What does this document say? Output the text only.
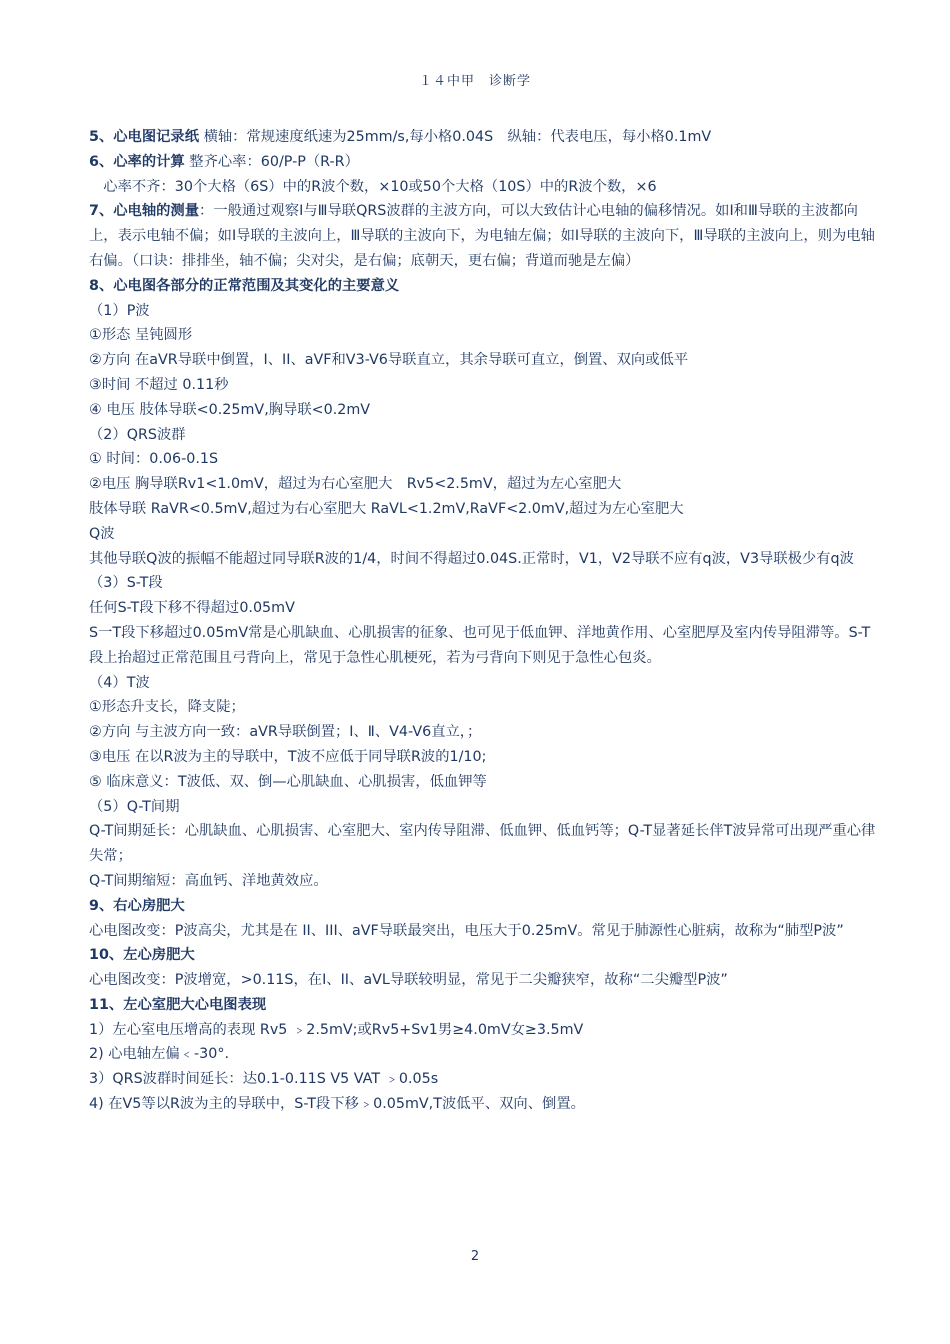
１４中甲　诊断学
5、心电图记录纸 横轴：常规速度纸速为25mm/s,每小格0.04S　纵轴：代表电压，每小格0.1mV
6、心率的计算 整齐心率：60/P-P（R-R）
　心率不齐：30个大格（6S）中的R波个数，×10或50个大格（10S）中的R波个数，×6
7、心电轴的测量：一般通过观察Ⅰ与Ⅲ导联QRS波群的主波方向，可以大致估计心电轴的偏移情况。如Ⅰ和Ⅲ导联的主波都向上，表示电轴不偏；如Ⅰ导联的主波向上，Ⅲ导联的主波向下，为电轴左偏；如Ⅰ导联的主波向下，Ⅲ导联的主波向上，则为电轴右偏。（口诀：排排坐，轴不偏；尖对尖，是右偏；底朝天，更右偏；背道而驰是左偏）
8、心电图各部分的正常范围及其变化的主要意义
（1）P波
①形态 呈钝圆形
②方向 在aVR导联中倒置，I、II、aVF和V3-V6导联直立，其余导联可直立，倒置、双向或低平
③时间 不超过 0.11秒
④ 电压 肢体导联<0.25mV,胸导联<0.2mV
（2）QRS波群
① 时间：0.06-0.1S
②电压 胸导联Rv1<1.0mV，超过为右心室肥大　Rv5<2.5mV，超过为左心室肥大
肢体导联 RaVR<0.5mV,超过为右心室肥大 RaVL<1.2mV,RaVF<2.0mV,超过为左心室肥大
Q波
其他导联Q波的振幅不能超过同导联R波的1/4，时间不得超过0.04S.正常时，V1，V2导联不应有q波，V3导联极少有q波
（3）S-T段
任何S-T段下移不得超过0.05mV
S一T段下移超过0.05mV常是心肌缺血、心肌损害的征象、也可见于低血钾、洋地黄作用、心室肥厚及室内传导阻滞等。S-T段上抬超过正常范围且弓背向上，常见于急性心肌梗死，若为弓背向下则见于急性心包炎。
（4）T波
①形态升支长，降支陡；
②方向 与主波方向一致：aVR导联倒置；Ⅰ、Ⅱ、V4-V6直立，；
③电压 在以R波为主的导联中，T波不应低于同导联R波的1/10;
⑤ 临床意义：T波低、双、倒—心肌缺血、心肌损害，低血钾等
（5）Q-T间期
Q-T间期延长：心肌缺血、心肌损害、心室肥大、室内传导阻滞、低血钾、低血钙等；Q-T显著延长伴T波异常可出现严重心律失常；
Q-T间期缩短：高血钙、洋地黄效应。
9、右心房肥大
心电图改变：P波高尖，尤其是在 II、III、aVF导联最突出，电压大于0.25mV。常见于肺源性心脏病，故称为“肺型P波”
10、左心房肥大
心电图改变：P波增宽，>0.11S，在I、II、aVL导联较明显，常见于二尖瓣狭窄，故称“二尖瓣型P波”
11、左心室肥大心电图表现
1）左心室电压增高的表现 Rv5 ﹥2.5mV;或Rv5+Sv1男≥4.0mV女≥3.5mV
2) 心电轴左偏﹤-30°.
3）QRS波群时间延长：达0.1-0.11S V5 VAT ﹥0.05s
4) 在V5等以R波为主的导联中，S-T段下移﹥0.05mV,T波低平、双向、倒置。
2
